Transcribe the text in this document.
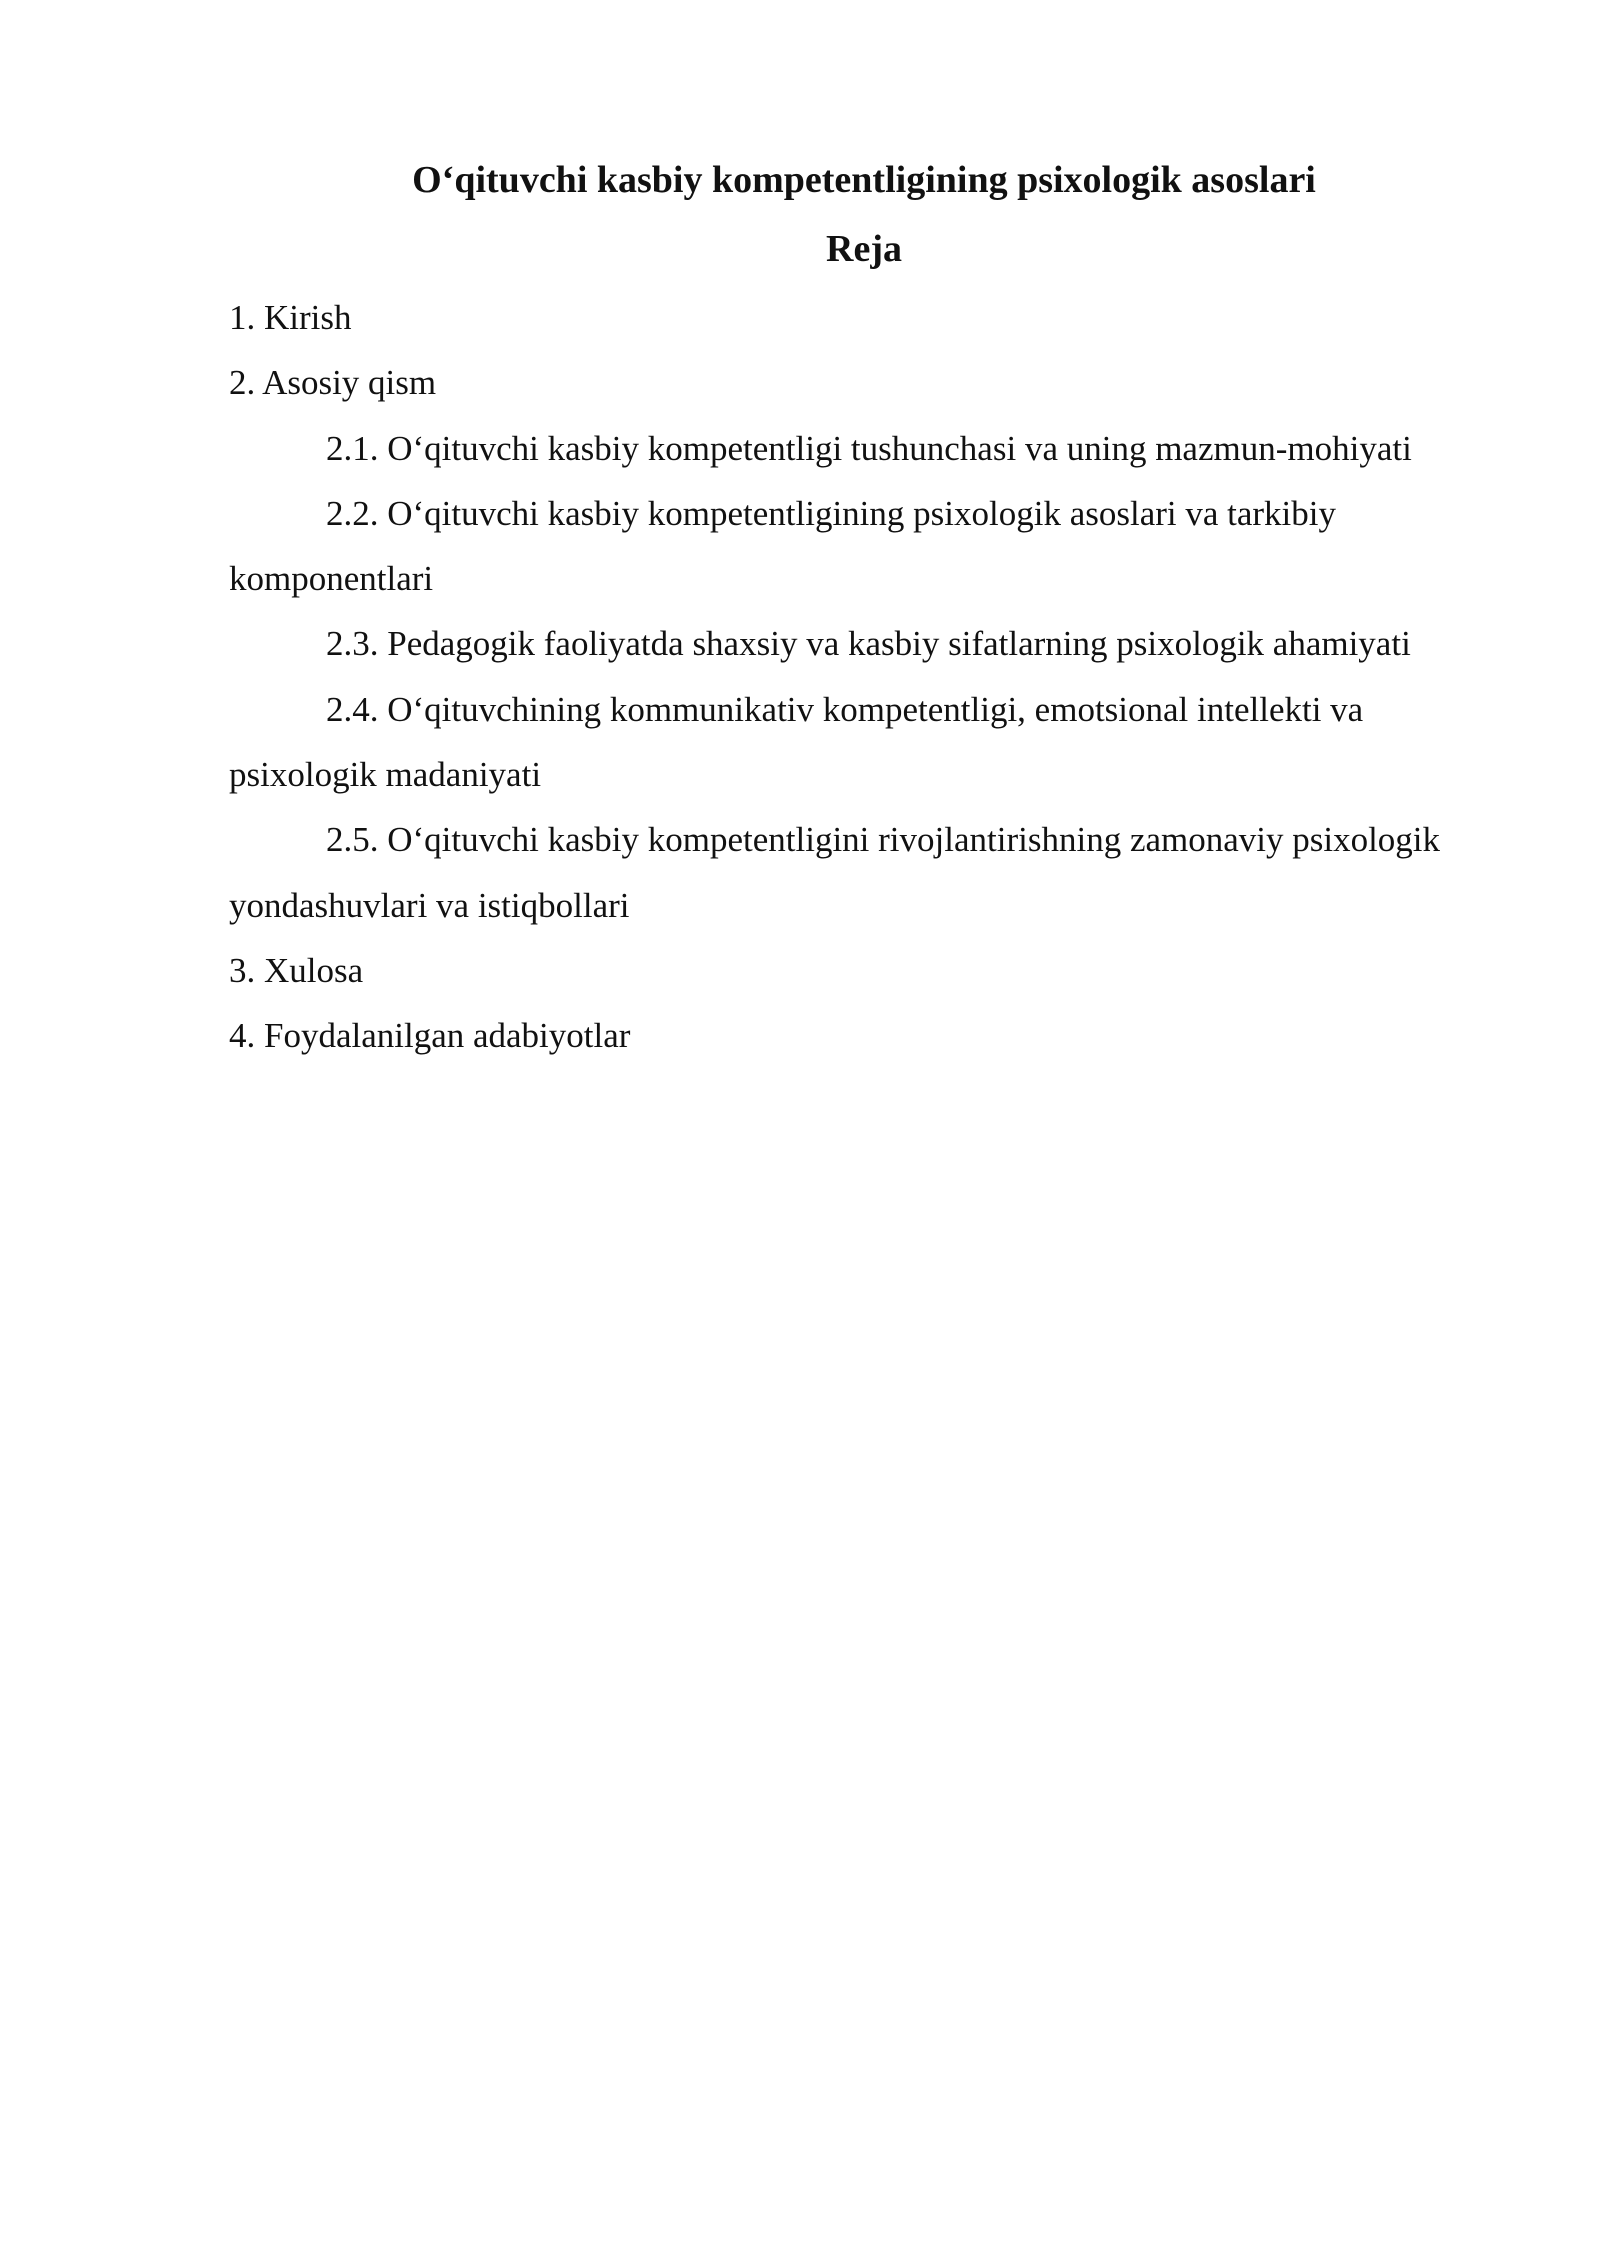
O‘qituvchi kasbiy kompetentligining psixologik asoslari
Reja
1. Kirish
2. Asosiy qism
2.1. O‘qituvchi kasbiy kompetentligi tushunchasi va uning mazmun-mohiyati
2.2. O‘qituvchi kasbiy kompetentligining psixologik asoslari va tarkibiy komponentlari
2.3. Pedagogik faoliyatda shaxsiy va kasbiy sifatlarning psixologik ahamiyati
2.4. O‘qituvchining kommunikativ kompetentligi, emotsional intellekti va psixologik madaniyati
2.5. O‘qituvchi kasbiy kompetentligini rivojlantirishning zamonaviy psixologik yondashuvlari va istiqbollari
3. Xulosa
4. Foydalanilgan adabiyotlar
